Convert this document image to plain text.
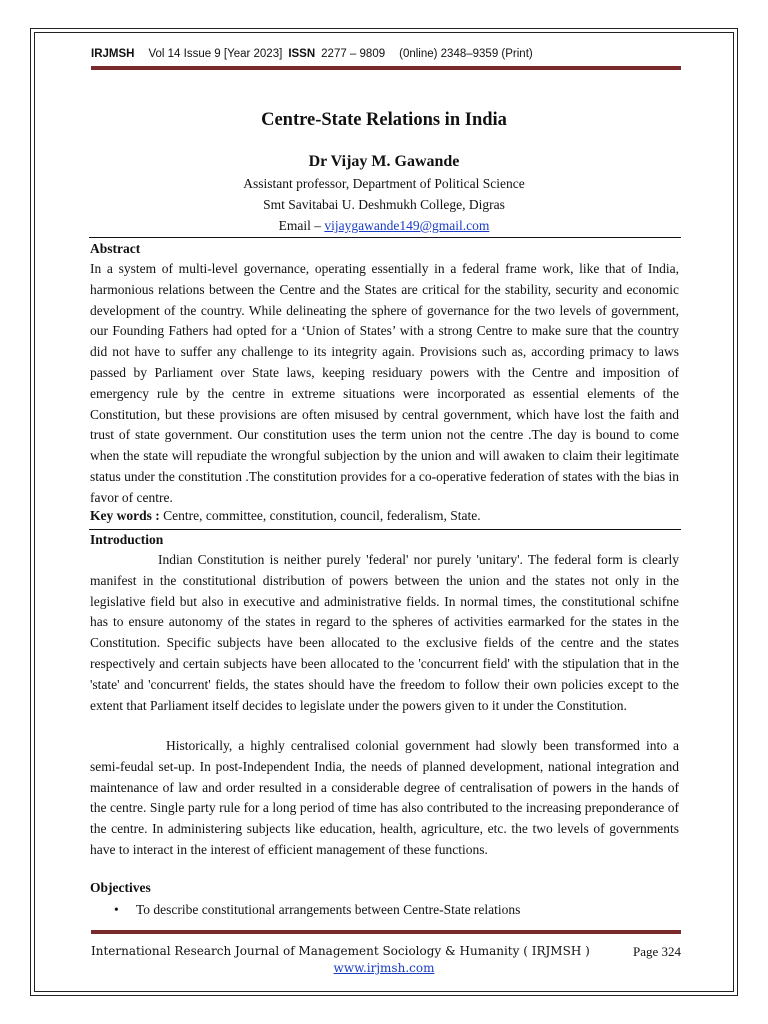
IRJMSH Vol 14 Issue 9 [Year 2023] ISSN 2277 – 9809 (0nline) 2348–9359 (Print)
Centre-State Relations in India
Dr Vijay M. Gawande
Assistant professor, Department of Political Science
Smt Savitabai U. Deshmukh College, Digras
Email – vijaygawande149@gmail.com
Abstract

In a system of multi-level governance, operating essentially in a federal frame work, like that of India, harmonious relations between the Centre and the States are critical for the stability, security and economic development of the country. While delineating the sphere of governance for the two levels of government, our Founding Fathers had opted for a ‘Union of States’ with a strong Centre to make sure that the country did not have to suffer any challenge to its integrity again. Provisions such as, according primacy to laws passed by Parliament over State laws, keeping residuary powers with the Centre and imposition of emergency rule by the centre in extreme situations were incorporated as essential elements of the Constitution, but these provisions are often misused by central government, which have lost the faith and trust of state government. Our constitution uses the term union not the centre .The day is bound to come when the state will repudiate the wrongful subjection by the union and will awaken to claim their legitimate status under the constitution .The constitution provides for a co-operative federation of states with the bias in favor of centre.

Key words : Centre, committee, constitution, council, federalism, State.
Introduction

Indian Constitution is neither purely 'federal' nor purely 'unitary'. The federal form is clearly manifest in the constitutional distribution of powers between the union and the states not only in the legislative field but also in executive and administrative fields. In normal times, the constitutional schifne has to ensure autonomy of the states in regard to the spheres of activities earmarked for the states in the Constitution. Specific subjects have been allocated to the exclusive fields of the centre and the states respectively and certain subjects have been allocated to the 'concurrent field' with the stipulation that in the 'state' and 'concurrent' fields, the states should have the freedom to follow their own policies except to the extent that Parliament itself decides to legislate under the powers given to it under the Constitution.

Historically, a highly centralised colonial government had slowly been transformed into a semi-feudal set-up. In post-Independent India, the needs of planned development, national integration and maintenance of law and order resulted in a considerable degree of centralisation of powers in the hands of the centre. Single party rule for a long period of time has also contributed to the increasing preponderance of the centre. In administering subjects like education, health, agriculture, etc. the two levels of governments have to interact in the interest of efficient management of these functions.

Objectives
• To describe constitutional arrangements between Centre-State relations
International Research Journal of Management Sociology & Humanity ( IRJMSH )	Page 324
www.irjmsh.com
